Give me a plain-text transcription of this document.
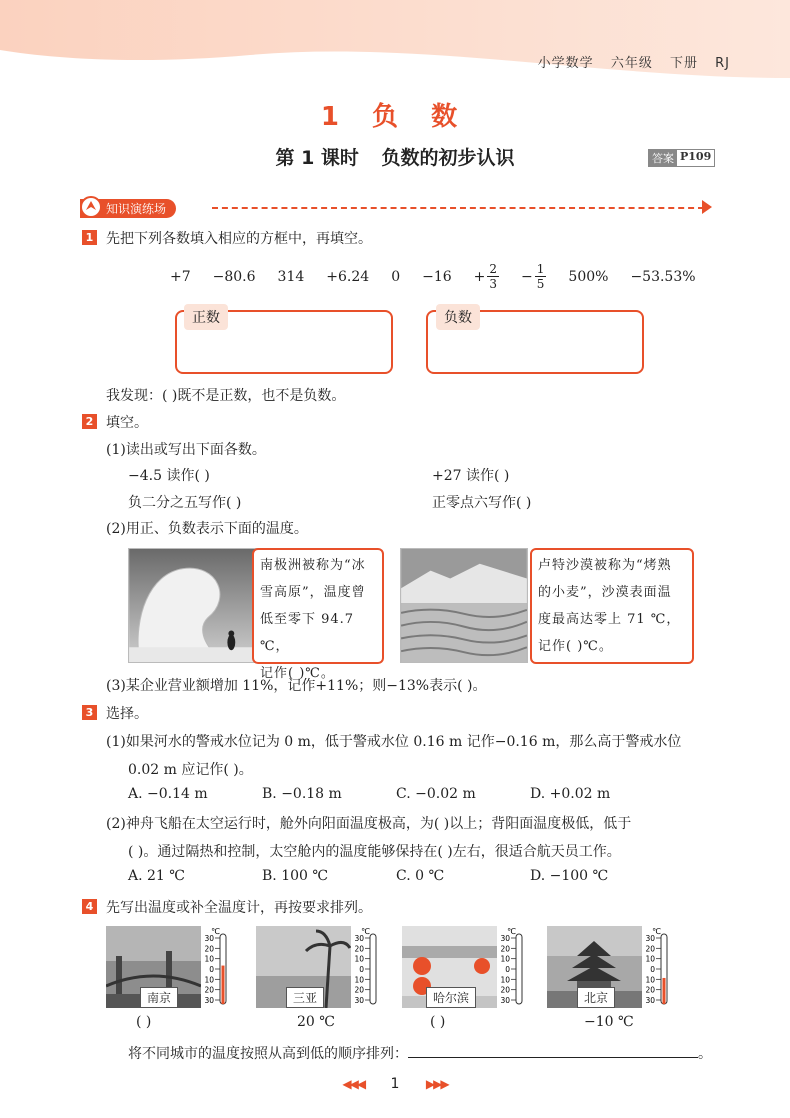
小学数学 六年级 下册 RJ
1 负 数
第 1 课时 负数的初步认识	答案 P109
知识演练场
1 先把下列各数填入相应的方框中，再填空。
+7 −80.6 314 +6.24 $0 -16 + \frac{2}{3} - \frac{1}{5} 500\% -53.53\%$
正数	负数
我发现：( )既不是正数，也不是负数。
2 填空。
(1)读出或写出下面各数。
−4.5 读作( )	+27 读作( )
负二分之五写作( )	正零点六写作( )
(2)用正、负数表示下面的温度。
南极洲被称为“冰
雪高原”，温度曾
低至零下 94.7 ℃，
记作( )℃。
卢特沙漠被称为“烤熟
的小麦”，沙漠表面温
度最高达零上 71 ℃，
记作( )℃。
(3)某企业营业额增加 11%，记作+11%；则−13%表示( )。
3 选择。
(1)如果河水的警戒水位记为 0 m，低于警戒水位 0.16 m 记作−0.16 m，那么高于警戒水位
0.02 m 应记作( )。
A. −0.14 m	B. −0.18 m	C. −0.02 m	D. +0.02 m
(2)神舟飞船在太空运行时，舱外向阳面温度极高，为( )以上；背阳面温度极低，低于
( )。通过隔热和控制，太空舱内的温度能够保持在( )左右，很适合航天员工作。
A. 21 ℃	B. 100 ℃	C. 0 ℃	D. −100 ℃
4 先写出温度或补全温度计，再按要求排列。
南京
℃
30
20
10
0
10
20
30	三亚
℃
30
20
10
0
10
20
30	哈尔滨
℃
30
20
10
0
10
20
30	北京
℃
30
20
10
0
10
20
30
( )	20 ℃	( )	−10 ℃
将不同城市的温度按照从高到低的顺序排列：	。
◀◀◀ 1 ▶▶▶
